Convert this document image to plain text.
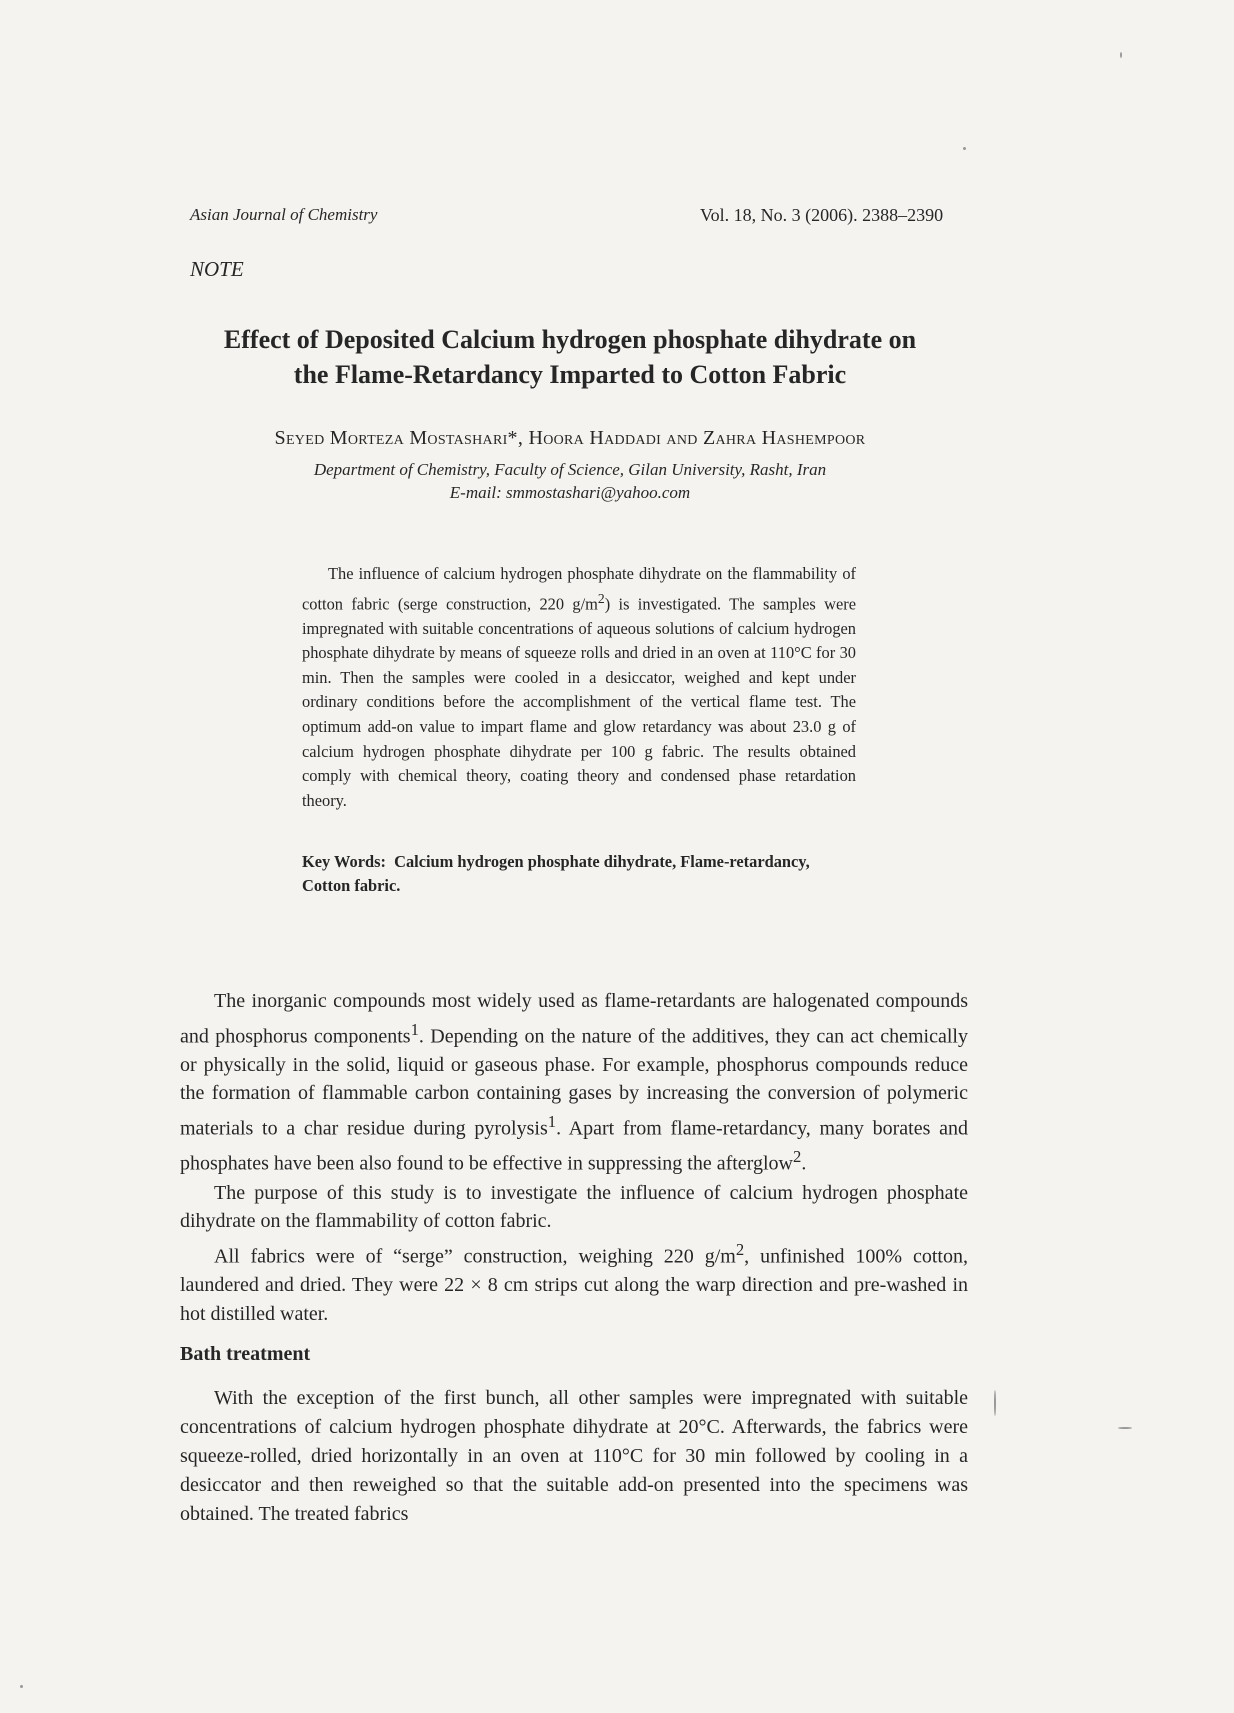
Asian Journal of Chemistry	Vol. 18, No. 3 (2006). 2388–2390
NOTE
Effect of Deposited Calcium hydrogen phosphate dihydrate on
the Flame-Retardancy Imparted to Cotton Fabric
Seyed Morteza Mostashari*, Hoora Haddadi and Zahra Hashempoor
Department of Chemistry, Faculty of Science, Gilan University, Rasht, Iran
E-mail: smmostashari@yahoo.com
The influence of calcium hydrogen phosphate dihydrate on the flammability of cotton fabric (serge construction, 220 $g/m^2$) is investigated. The samples were impregnated with suitable concentrations of aqueous solutions of calcium hydrogen phosphate dihydrate by means of squeeze rolls and dried in an oven at 110°C for 30 min. Then the samples were cooled in a desiccator, weighed and kept under ordinary conditions before the accomplishment of the vertical flame test. The optimum add-on value to impart flame and glow retardancy was about 23.0 g of calcium hydrogen phosphate dihydrate per 100 g fabric. The results obtained comply with chemical theory, coating theory and condensed phase retardation theory.
Key Words: Calcium hydrogen phosphate dihydrate, Flame-retardancy, Cotton fabric.

The inorganic compounds most widely used as flame-retardants are halogenated compounds and phosphorus components$^1$. Depending on the nature of the additives, they can act chemically or physically in the solid, liquid or gaseous phase. For example, phosphorus compounds reduce the formation of flammable carbon containing gases by increasing the conversion of polymeric materials to a char residue during pyrolysis$^1$. Apart from flame-retardancy, many borates and phosphates have been also found to be effective in suppressing the afterglow$^2$.

The purpose of this study is to investigate the influence of calcium hydrogen phosphate dihydrate on the flammability of cotton fabric.

All fabrics were of “serge” construction, weighing 220 $g/m^2$, unfinished 100% cotton, laundered and dried. They were 22 × 8 cm strips cut along the warp direction and pre-washed in hot distilled water.

Bath treatment

With the exception of the first bunch, all other samples were impregnated with suitable concentrations of calcium hydrogen phosphate dihydrate at 20°C. Afterwards, the fabrics were squeeze-rolled, dried horizontally in an oven at 110°C for 30 min followed by cooling in a desiccator and then reweighed so that the suitable add-on presented into the specimens was obtained. The treated fabrics
